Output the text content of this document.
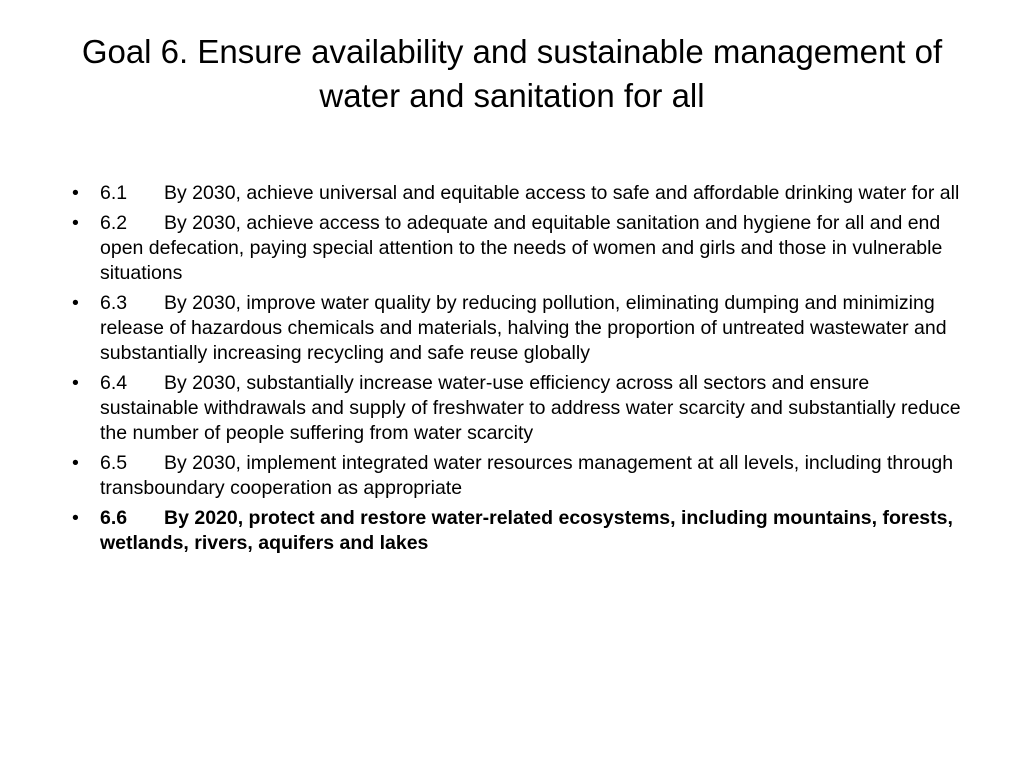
Goal 6. Ensure availability and sustainable management of water and sanitation for all
• 6.1 By 2030, achieve universal and equitable access to safe and affordable drinking water for all
• 6.2 By 2030, achieve access to adequate and equitable sanitation and hygiene for all and end open defecation, paying special attention to the needs of women and girls and those in vulnerable situations
• 6.3 By 2030, improve water quality by reducing pollution, eliminating dumping and minimizing release of hazardous chemicals and materials, halving the proportion of untreated wastewater and substantially increasing recycling and safe reuse globally
• 6.4 By 2030, substantially increase water-use efficiency across all sectors and ensure sustainable withdrawals and supply of freshwater to address water scarcity and substantially reduce the number of people suffering from water scarcity
• 6.5 By 2030, implement integrated water resources management at all levels, including through transboundary cooperation as appropriate
• 6.6 By 2020, protect and restore water-related ecosystems, including mountains, forests, wetlands, rivers, aquifers and lakes
